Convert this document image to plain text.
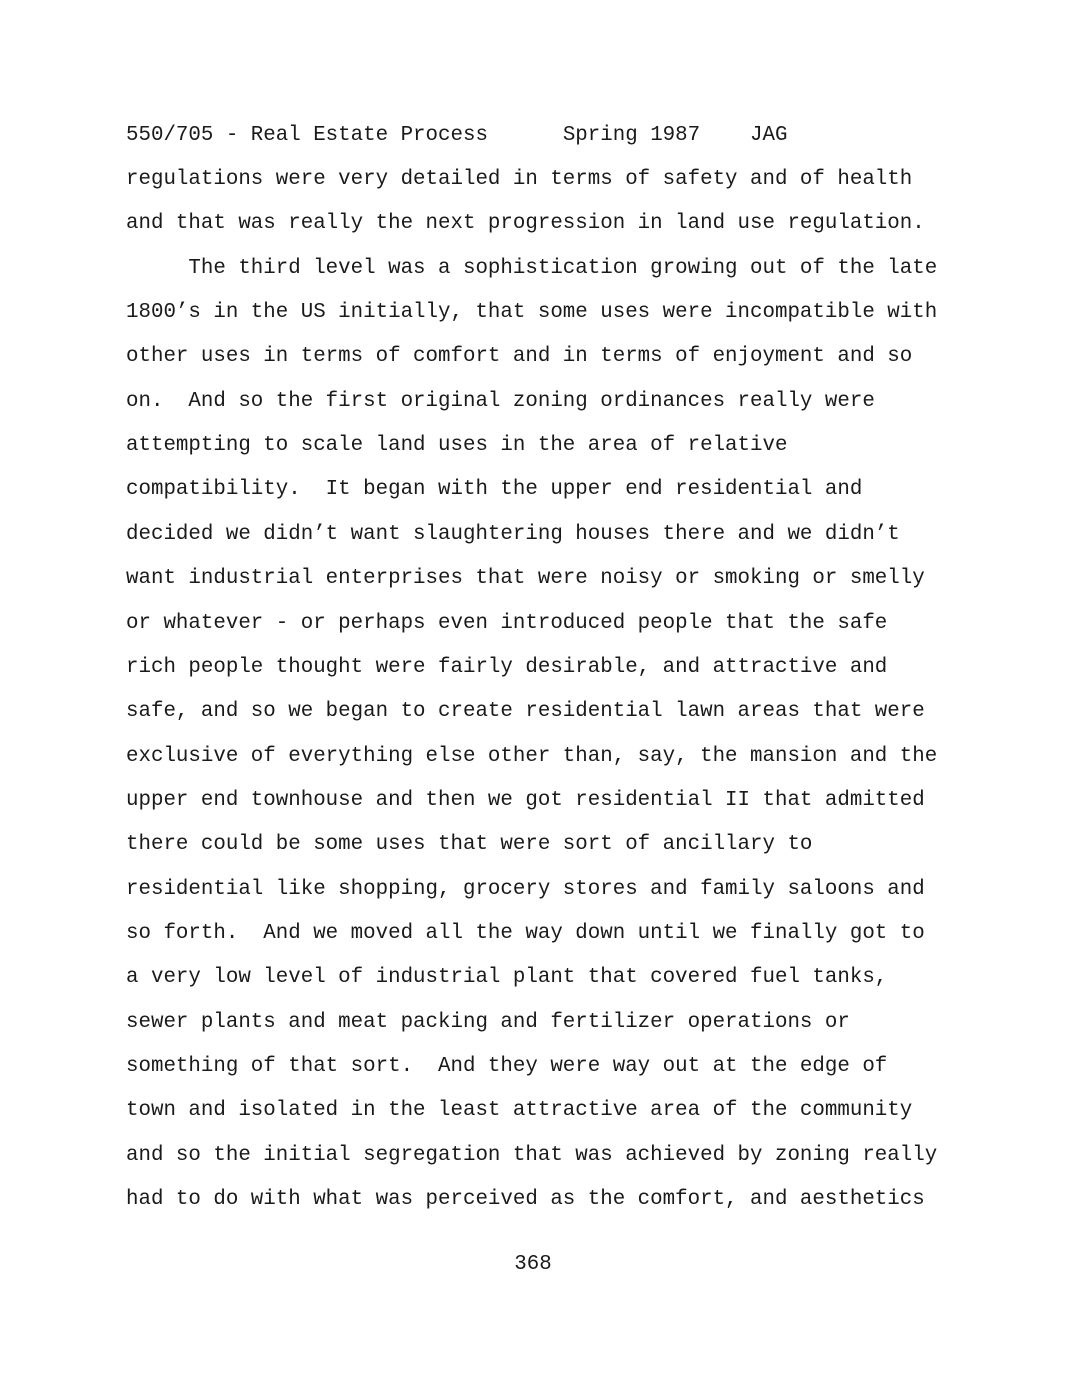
550/705 - Real Estate Process	Spring 1987 JAG
regulations were very detailed in terms of safety and of health
and that was really the next progression in land use regulation.
The third level was a sophistication growing out of the late
1800’s in the US initially, that some uses were incompatible with
other uses in terms of comfort and in terms of enjoyment and so
on.  And so the first original zoning ordinances really were
attempting to scale land uses in the area of relative
compatibility.  It began with the upper end residential and
decided we didn’t want slaughtering houses there and we didn’t
want industrial enterprises that were noisy or smoking or smelly
or whatever - or perhaps even introduced people that the safe
rich people thought were fairly desirable, and attractive and
safe, and so we began to create residential lawn areas that were
exclusive of everything else other than, say, the mansion and the
upper end townhouse and then we got residential II that admitted
there could be some uses that were sort of ancillary to
residential like shopping, grocery stores and family saloons and
so forth.  And we moved all the way down until we finally got to
a very low level of industrial plant that covered fuel tanks,
sewer plants and meat packing and fertilizer operations or
something of that sort.  And they were way out at the edge of
town and isolated in the least attractive area of the community
and so the initial segregation that was achieved by zoning really
had to do with what was perceived as the comfort, and aesthetics
368
